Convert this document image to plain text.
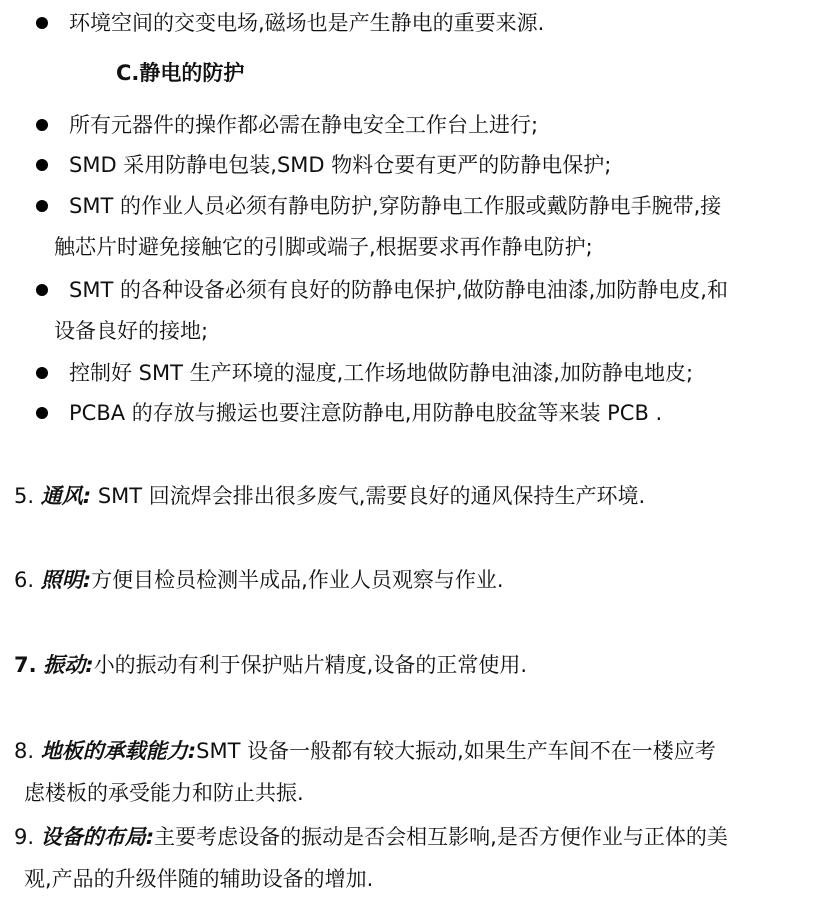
环境空间的交变电场,磁场也是产生静电的重要来源.
C.静电的防护
所有元器件的操作都必需在静电安全工作台上进行;
SMD 采用防静电包装,SMD 物料仓要有更严的防静电保护;
SMT 的作业人员必须有静电防护,穿防静电工作服或戴防静电手腕带,接
触芯片时避免接触它的引脚或端子,根据要求再作静电防护;
SMT 的各种设备必须有良好的防静电保护,做防静电油漆,加防静电皮,和
设备良好的接地;
控制好 SMT 生产环境的湿度,工作场地做防静电油漆,加防静电地皮;
PCBA 的存放与搬运也要注意防静电,用防静电胶盆等来装 PCB .
5. 通风: SMT 回流焊会排出很多废气,需要良好的通风保持生产环境.
6. 照明:方便目检员检测半成品,作业人员观察与作业.
7. 振动:小的振动有利于保护贴片精度,设备的正常使用.
8. 地板的承载能力:SMT 设备一般都有较大振动,如果生产车间不在一楼应考
虑楼板的承受能力和防止共振.
9. 设备的布局:主要考虑设备的振动是否会相互影响,是否方便作业与正体的美
观,产品的升级伴随的辅助设备的增加.
